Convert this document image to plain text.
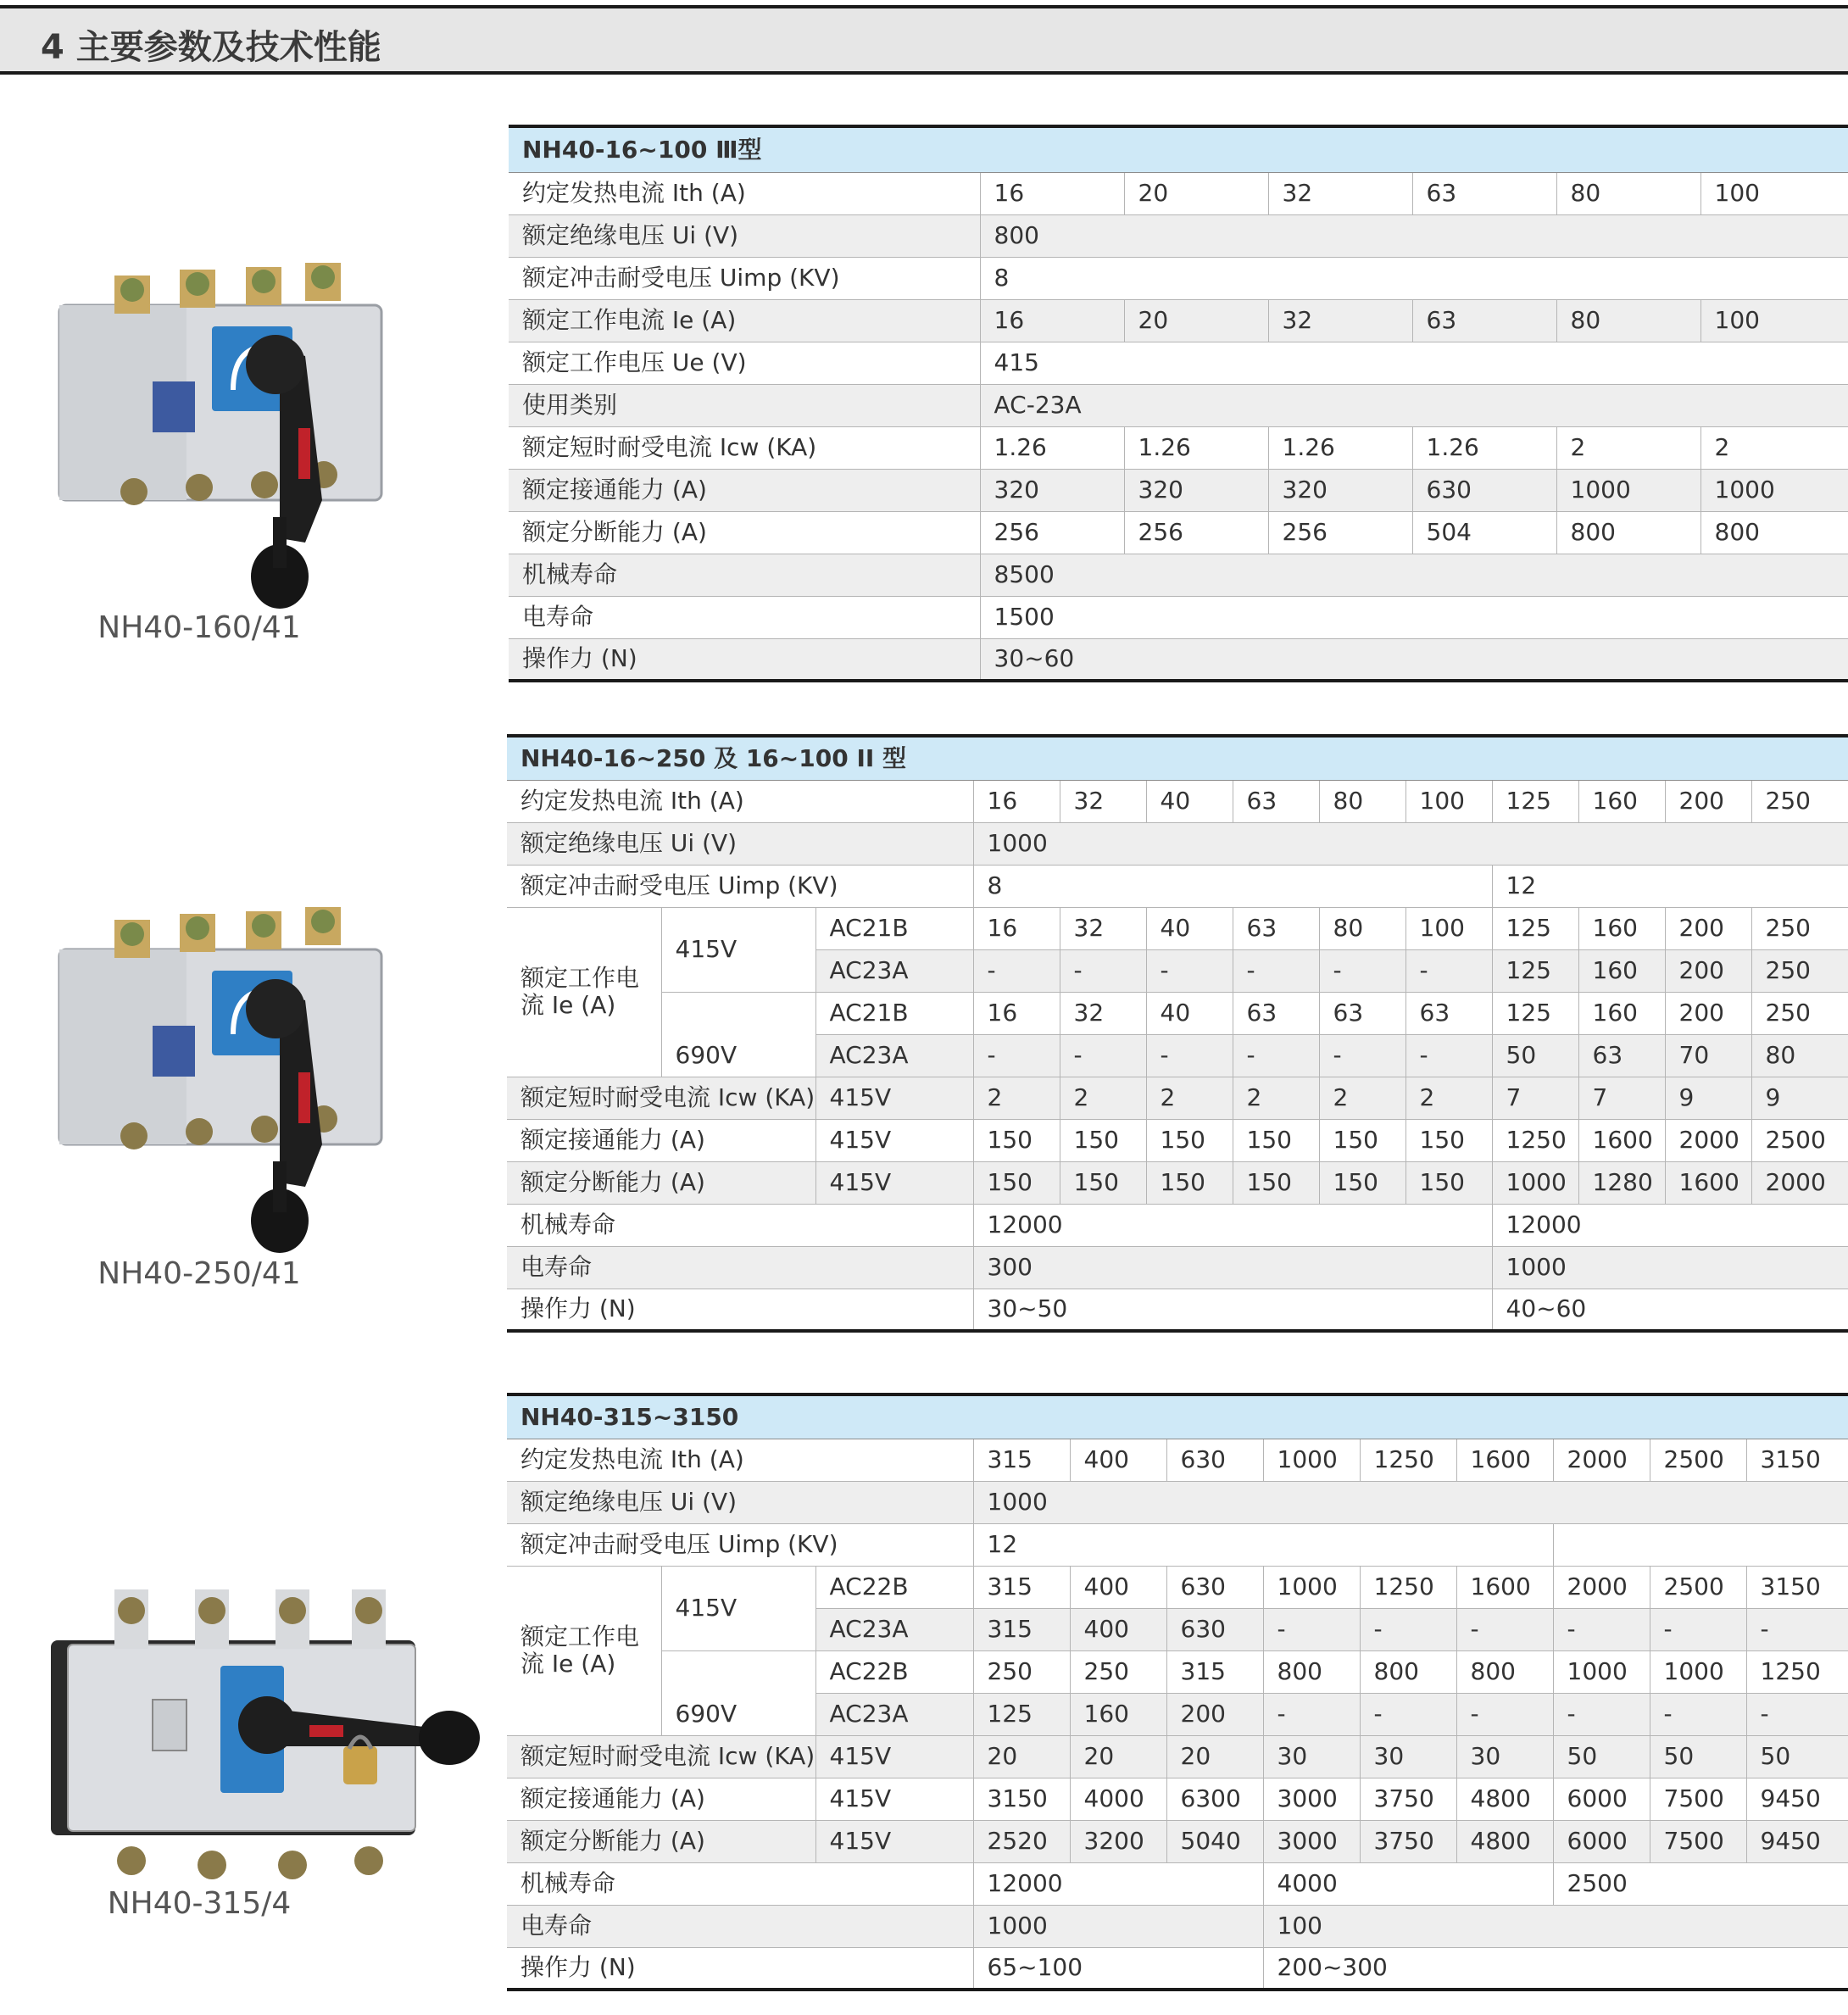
4 主要参数及技术性能
NH40-160/41
NH40-250/41
NH40-315/4
NH40-16~100 Ⅲ型						
约定发热电流 Ith (A)	16	20	32	63	80	100
额定绝缘电压 Ui (V)	800					
额定冲击耐受电压 Uimp (KV)	8					
额定工作电流 Ie (A)	16	20	32	63	80	100
额定工作电压 Ue (V)	415					
使用类别	AC-23A					
额定短时耐受电流 Icw (KA)	1.26	1.26	1.26	1.26	2	2
额定接通能力 (A)	320	320	320	630	1000	1000
额定分断能力 (A)	256	256	256	504	800	800
机械寿命	8500					
电寿命	1500					
操作力 (N)	30~60					
NH40-16~250 及 16~100 II 型												
约定发热电流 Ith (A)			16	32	40	63	80	100	125	160	200	250
额定绝缘电压 Ui (V)			1000									
额定冲击耐受电压 Uimp (KV)			8						12			
额定工作电流 Ie (A)	415V	AC21B	16	32	40	63	80	100	125	160	200	250
		AC23A	-	-	-	-	-	-	125	160	200	250
	690V	AC21B	16	32	40	63	63	63	125	160	200	250
		AC23A	-	-	-	-	-	-	50	63	70	80
额定短时耐受电流 Icw (KA)		415V	2	2	2	2	2	2	7	7	9	9
额定接通能力 (A)		415V	150	150	150	150	150	150	1250	1600	2000	2500
额定分断能力 (A)		415V	150	150	150	150	150	150	1000	1280	1600	2000
机械寿命			12000						12000			
电寿命			300						1000			
操作力 (N)			30~50						40~60			
NH40-315~3150											
约定发热电流 Ith (A)			315	400	630	1000	1250	1600	2000	2500	3150
额定绝缘电压 Ui (V)			1000								
额定冲击耐受电压 Uimp (KV)			12								
额定工作电流 Ie (A)	415V	AC22B	315	400	630	1000	1250	1600	2000	2500	3150
		AC23A	315	400	630	-	-	-	-	-	-
	690V	AC22B	250	250	315	800	800	800	1000	1000	1250
		AC23A	125	160	200	-	-	-	-	-	-
额定短时耐受电流 Icw (KA)		415V	20	20	20	30	30	30	50	50	50
额定接通能力 (A)		415V	3150	4000	6300	3000	3750	4800	6000	7500	9450
额定分断能力 (A)		415V	2520	3200	5040	3000	3750	4800	6000	7500	9450
机械寿命			12000			4000			2500		
电寿命			1000			100					
操作力 (N)			65~100			200~300					
